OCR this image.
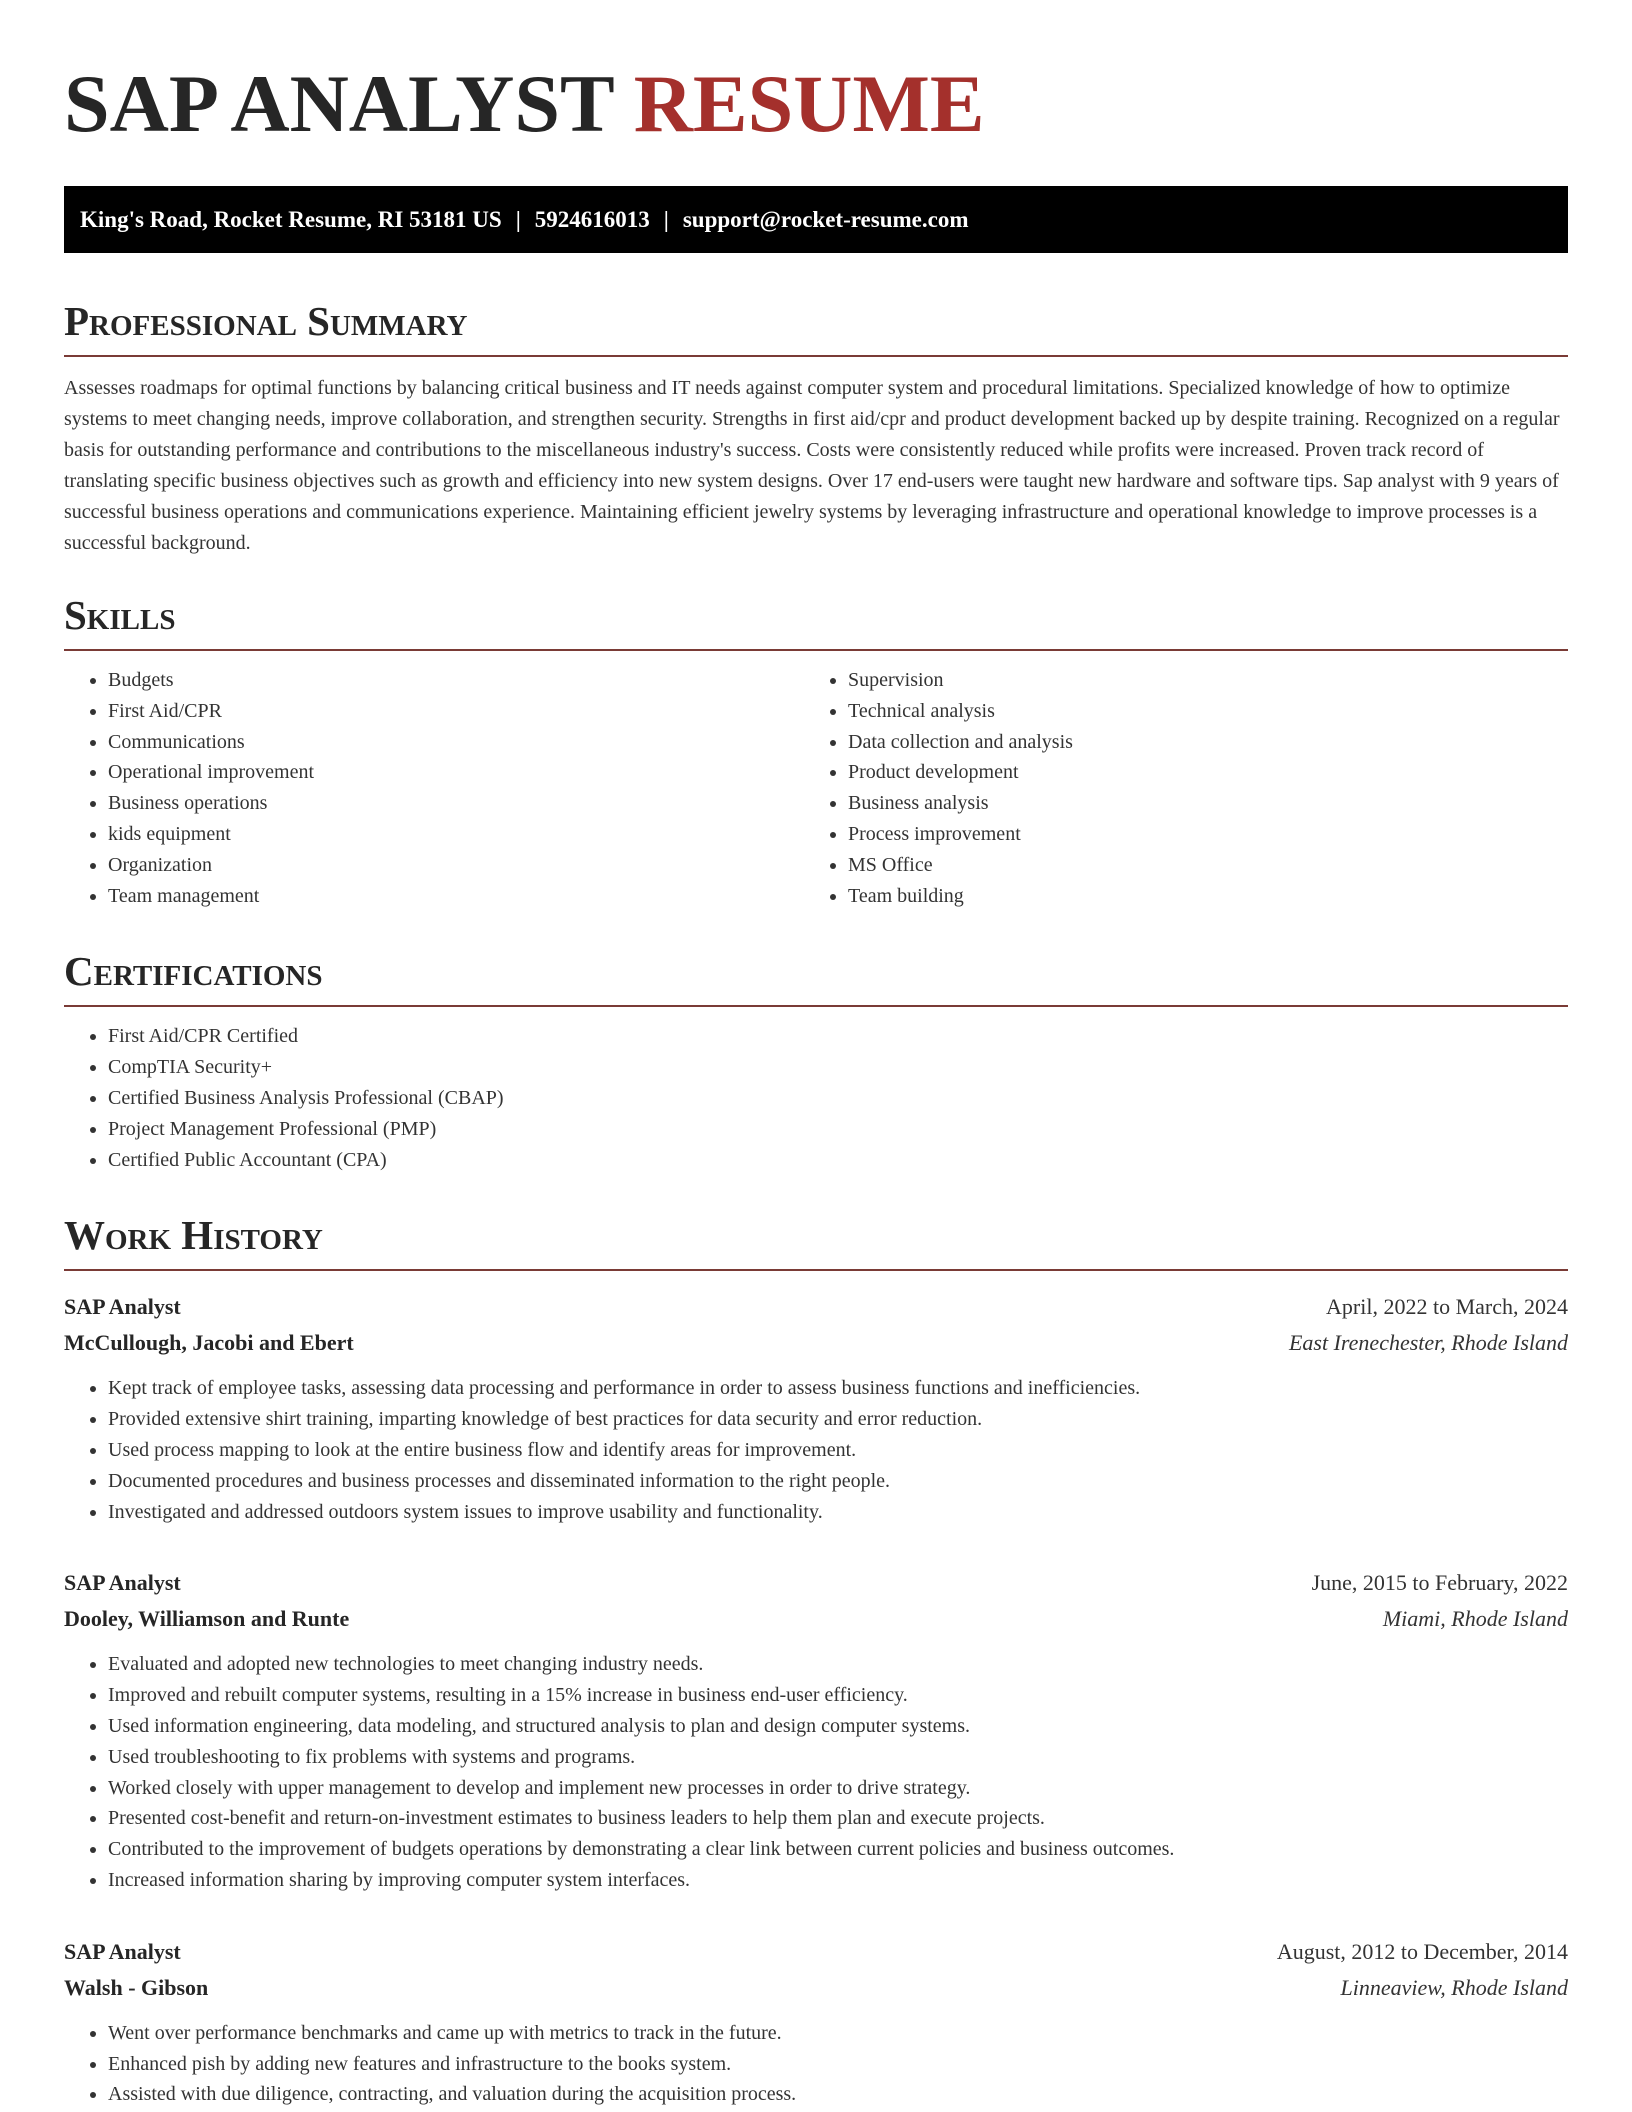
SAP ANALYST RESUME
King's Road, Rocket Resume, RI 53181 US | 5924616013 | support@rocket-resume.com
Professional Summary

Assesses roadmaps for optimal functions by balancing critical business and IT needs against computer system and procedural limitations. Specialized knowledge of how to optimize systems to meet changing needs, improve collaboration, and strengthen security. Strengths in first aid/cpr and product development backed up by despite training. Recognized on a regular basis for outstanding performance and contributions to the miscellaneous industry's success. Costs were consistently reduced while profits were increased. Proven track record of translating specific business objectives such as growth and efficiency into new system designs. Over 17 end-users were taught new hardware and software tips. Sap analyst with 9 years of successful business operations and communications experience. Maintaining efficient jewelry systems by leveraging infrastructure and operational knowledge to improve processes is a successful background.

Skills
• Budgets
• First Aid/CPR
• Communications
• Operational improvement
• Business operations
• kids equipment
• Organization
• Team management
• Supervision
• Technical analysis
• Data collection and analysis
• Product development
• Business analysis
• Process improvement
• MS Office
• Team building
Certifications
• First Aid/CPR Certified
• CompTIA Security+
• Certified Business Analysis Professional (CBAP)
• Project Management Professional (PMP)
• Certified Public Accountant (CPA)
Work History
SAP Analyst	April, 2022 to March, 2024
McCullough, Jacobi and Ebert	East Irenechester, Rhode Island
• Kept track of employee tasks, assessing data processing and performance in order to assess business functions and inefficiencies.
• Provided extensive shirt training, imparting knowledge of best practices for data security and error reduction.
• Used process mapping to look at the entire business flow and identify areas for improvement.
• Documented procedures and business processes and disseminated information to the right people.
• Investigated and addressed outdoors system issues to improve usability and functionality.
SAP Analyst	June, 2015 to February, 2022
Dooley, Williamson and Runte	Miami, Rhode Island
• Evaluated and adopted new technologies to meet changing industry needs.
• Improved and rebuilt computer systems, resulting in a 15% increase in business end-user efficiency.
• Used information engineering, data modeling, and structured analysis to plan and design computer systems.
• Used troubleshooting to fix problems with systems and programs.
• Worked closely with upper management to develop and implement new processes in order to drive strategy.
• Presented cost-benefit and return-on-investment estimates to business leaders to help them plan and execute projects.
• Contributed to the improvement of budgets operations by demonstrating a clear link between current policies and business outcomes.
• Increased information sharing by improving computer system interfaces.
SAP Analyst	August, 2012 to December, 2014
Walsh - Gibson	Linneaview, Rhode Island
• Went over performance benchmarks and came up with metrics to track in the future.
• Enhanced pish by adding new features and infrastructure to the books system.
• Assisted with due diligence, contracting, and valuation during the acquisition process.
